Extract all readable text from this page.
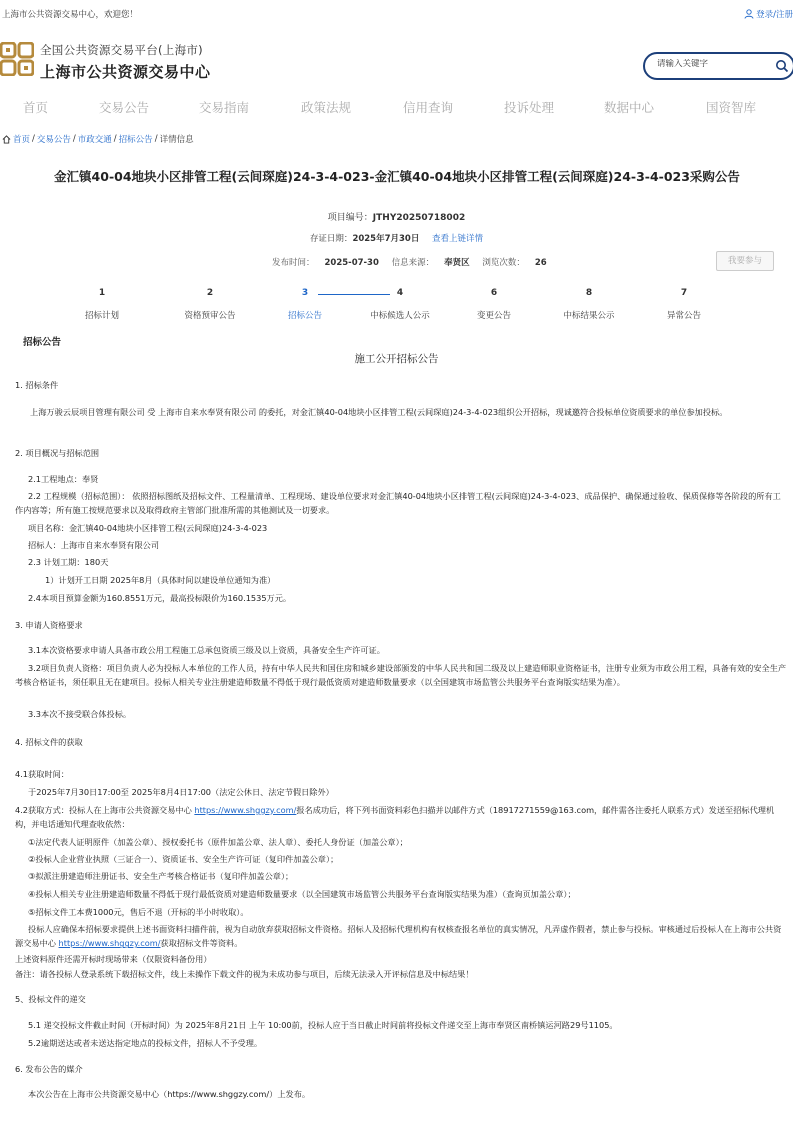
上海市公共资源交易中心，欢迎您！	登录/注册
全国公共资源交易平台(上海市)
上海市公共资源交易中心
请输入关键字
首页	交易公告	交易指南	政策法规	信用查询	投诉处理	数据中心	国资智库
首页 / 交易公告 / 市政交通 / 招标公告 / 详情信息
金汇镇40-04地块小区排管工程(云间琛庭)24-3-4-023-金汇镇40-04地块小区排管工程(云间琛庭)24-3-4-023采购公告
项目编号：JTHY20250718002
存证日期：2025年7月30日 查看上链详情
发布时间： 2025-07-30 信息来源： 奉贤区 浏览次数： 26	我要参与
1
招标计划
2
资格预审公告
3
招标公告
4
中标候选人公示
6
变更公告
8
中标结果公示
7
异常公告
招标公告
施工公开招标公告
1. 招标条件
上海万骏云辰项目管理有限公司 受 上海市自来水奉贤有限公司 的委托，对金汇镇40-04地块小区排管工程(云间琛庭)24-3-4-023组织公开招标，现诚邀符合投标单位资质要求的单位参加投标。
2. 项目概况与招标范围
2.1工程地点：奉贤
2.2 工程规模（招标范围）： 依照招标图纸及招标文件、工程量清单、工程现场、建设单位要求对金汇镇40-04地块小区排管工程(云间琛庭)24-3-4-023、成品保护、确保通过验收、保质保修等各阶段的所有工作内容等；所有施工按规范要求以及取得政府主管部门批准所需的其他测试及一切要求。
项目名称：金汇镇40-04地块小区排管工程(云间琛庭)24-3-4-023
招标人：上海市自来水奉贤有限公司
2.3 计划工期：180天
1）计划开工日期 2025年8月（具体时间以建设单位通知为准）
2.4本项目预算金额为160.8551万元，最高投标限价为160.1535万元。
3. 申请人资格要求
3.1本次资格要求申请人具备市政公用工程施工总承包资质三级及以上资质，具备安全生产许可证。
3.2项目负责人资格：项目负责人必为投标人本单位的工作人员，持有中华人民共和国住房和城乡建设部颁发的中华人民共和国二级及以上建造师职业资格证书，注册专业须为市政公用工程，具备有效的安全生产考核合格证书，须任职且无在建项目。投标人相关专业注册建造师数量不得低于现行最低资质对建造师数量要求（以全国建筑市场监管公共服务平台查询版实结果为准）。
3.3本次不接受联合体投标。
4. 招标文件的获取
4.1获取时间：
于2025年7月30日17:00至 2025年8月4日17:00（法定公休日、法定节假日除外）
4.2获取方式：投标人在上海市公共资源交易中心 https://www.shggzy.com/报名成功后，将下列书面资料彩色扫描并以邮件方式（18917271559@163.com，邮件需各注委托人联系方式）发送至招标代理机构，并电话通知代理查收依然：
①法定代表人证明原件（加盖公章）、授权委托书（原件加盖公章、法人章）、委托人身份证（加盖公章）；
②投标人企业营业执照（三证合一）、资质证书、安全生产许可证（复印件加盖公章）；
③拟派注册建造师注册证书、安全生产考核合格证书（复印件加盖公章）；
④投标人相关专业注册建造师数量不得低于现行最低资质对建造师数量要求（以全国建筑市场监管公共服务平台查询版实结果为准）（查询页加盖公章）；
⑤招标文件工本费1000元，售后不退（开标的半小时收取）。
投标人应确保本招标要求提供上述书面资料扫描件前，视为自动放弃获取招标文件资格。招标人及招标代理机构有权核查报名单位的真实情况，凡弄虚作假者，禁止参与投标。审核通过后投标人在上海市公共资源交易中心 https://www.shggzy.com/获取招标文件等资料。
上述资料原件还需开标时现场带来（仅限资料备份用）
备注：请各投标人登录系统下载招标文件，线上未操作下载文件的视为未成功参与项目，后续无法录入开评标信息及中标结果！
5、投标文件的递交
5.1 递交投标文件截止时间（开标时间）为 2025年8月21日 上午 10:00前，投标人应于当日截止时间前将投标文件递交至上海市奉贤区南桥镇运河路29号1105。
5.2逾期送达或者未送达指定地点的投标文件，招标人不予受理。
6. 发布公告的媒介
本次公告在上海市公共资源交易中心（https://www.shggzy.com/）上发布。
